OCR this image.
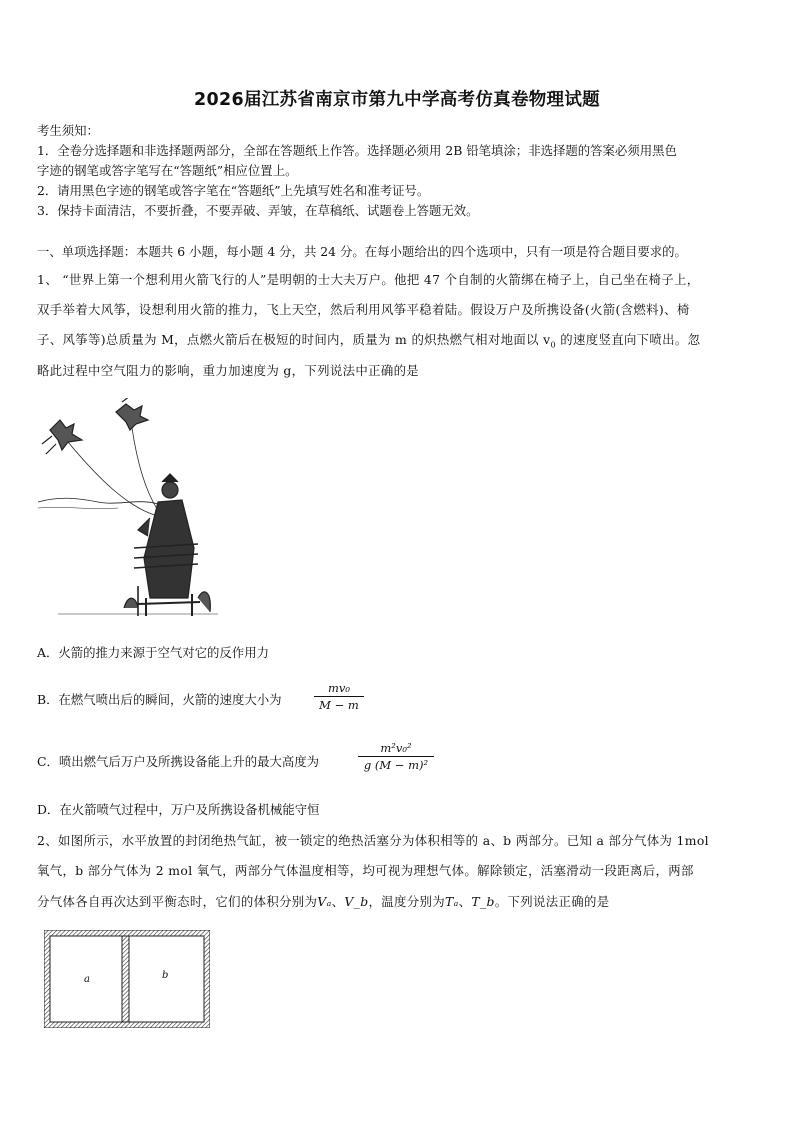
2026届江苏省南京市第九中学高考仿真卷物理试题
考生须知：
1．全卷分选择题和非选择题两部分，全部在答题纸上作答。选择题必须用 2B 铅笔填涂；非选择题的答案必须用黑色
字迹的钢笔或答字笔写在“答题纸”相应位置上。
2．请用黑色字迹的钢笔或答字笔在“答题纸”上先填写姓名和准考证号。
3．保持卡面清洁，不要折叠，不要弄破、弄皱，在草稿纸、试题卷上答题无效。
一、单项选择题：本题共 6 小题，每小题 4 分，共 24 分。在每小题给出的四个选项中，只有一项是符合题目要求的。
1、 “世界上第一个想利用火箭飞行的人”是明朝的士大夫万户。他把 47 个自制的火箭绑在椅子上，自己坐在椅子上，
双手举着大风筝，设想利用火箭的推力，飞上天空，然后利用风筝平稳着陆。假设万户及所携设备(火箭(含燃料)、椅
子、风筝等)总质量为 M，点燃火箭后在极短的时间内，质量为 m 的炽热燃气相对地面以 $v_0$ 的速度竖直向下喷出。忽
略此过程中空气阻力的影响，重力加速度为 g，下列说法中正确的是
A．火箭的推力来源于空气对它的反作用力
B．在燃气喷出后的瞬间，火箭的速度大小为
mv₀
M − m
C．喷出燃气后万户及所携设备能上升的最大高度为
m²v₀²
g (M − m)²
D．在火箭喷气过程中，万户及所携设备机械能守恒
2、如图所示，水平放置的封闭绝热气缸，被一锁定的绝热活塞分为体积相等的 a、b 两部分。已知 a 部分气体为 1mol
氧气，b 部分气体为 2 mol 氧气，两部分气体温度相等，均可视为理想气体。解除锁定，活塞滑动一段距离后，两部
分气体各自再次达到平衡态时，它们的体积分别为Vₐ、V_b，温度分别为Tₐ、T_b。下列说法正确的是
a	b
